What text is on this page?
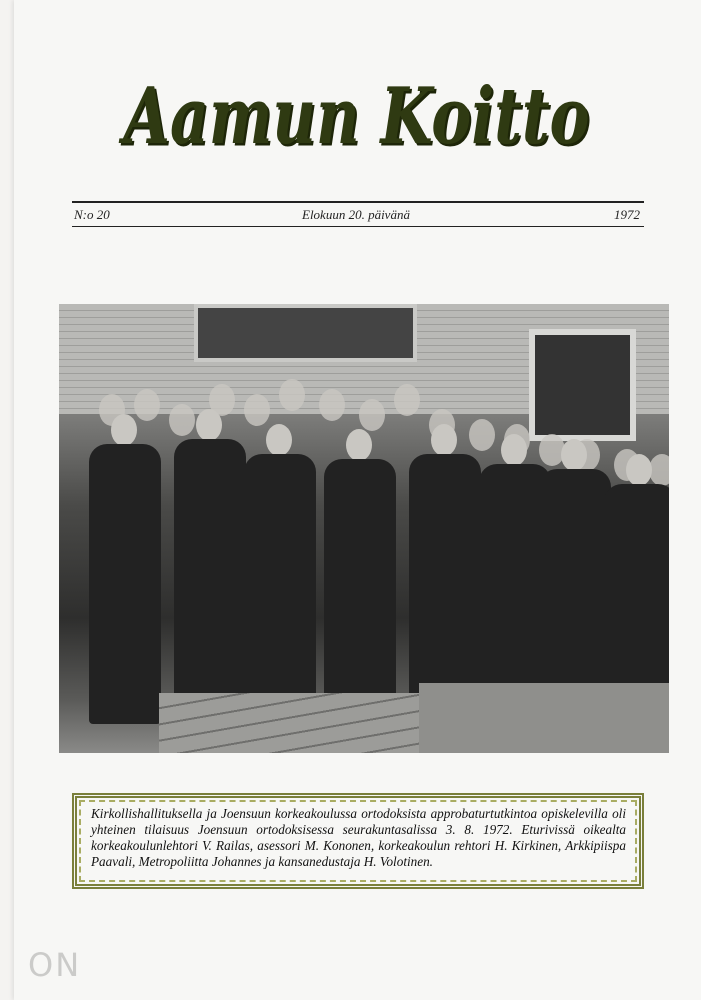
Aamun Koitto
N:o 20	Elokuun 20. päivänä	1972

Kirkollishallituksella ja Joensuun korkeakoulussa ortodoksista approbaturtutkintoa opiskelevilla oli yhteinen tilaisuus Joensuun ortodoksisessa seurakuntasalissa 3. 8. 1972. Eturivissä oikealta korkeakoulunlehtori V. Railas, asessori M. Kononen, korkeakoulun rehtori H. Kirkinen, Arkkipiispa Paavali, Metropoliitta Johannes ja kansanedustaja H. Volotinen.

ON
